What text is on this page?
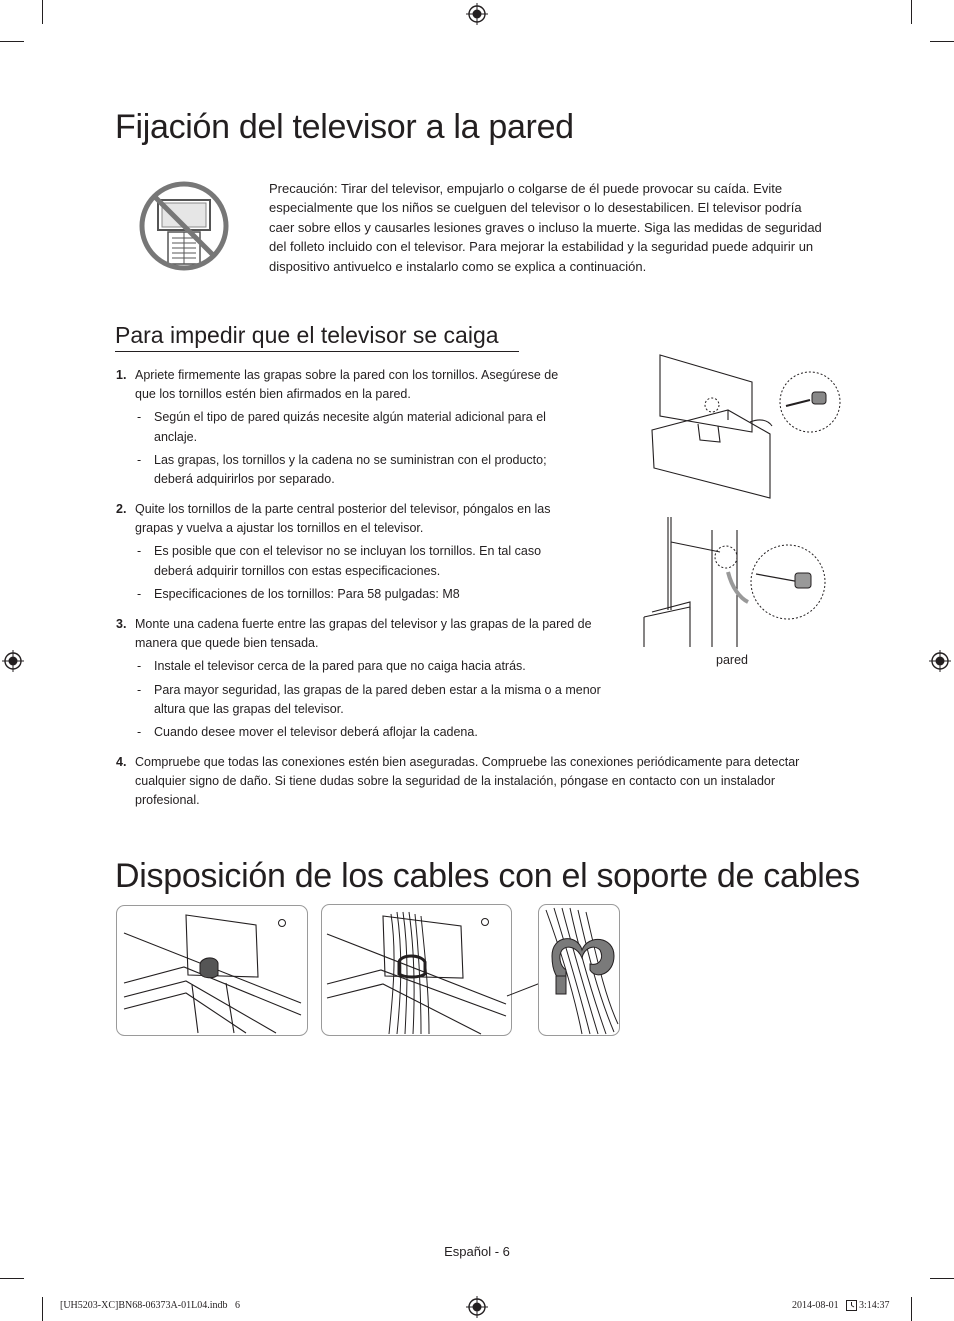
Fijación del televisor a la pared
Precaución: Tirar del televisor, empujarlo o colgarse de él puede provocar su caída. Evite especialmente que los niños se cuelguen del televisor o lo desestabilicen. El televisor podría caer sobre ellos y causarles lesiones graves o incluso la muerte. Siga las medidas de seguridad del folleto incluido con el televisor. Para mejorar la estabilidad y la seguridad puede adquirir un dispositivo antivuelco e instalarlo como se explica a continuación.
Para impedir que el televisor se caiga
1. Apriete firmemente las grapas sobre la pared con los tornillos. Asegúrese de que los tornillos estén bien afirmados en la pared.
- Según el tipo de pared quizás necesite algún material adicional para el anclaje.
- Las grapas, los tornillos y la cadena no se suministran con el producto; deberá adquirirlos por separado.
2. Quite los tornillos de la parte central posterior del televisor, póngalos en las grapas y vuelva a ajustar los tornillos en el televisor.
- Es posible que con el televisor no se incluyan los tornillos. En tal caso deberá adquirir tornillos con estas especificaciones.
- Especificaciones de los tornillos: Para 58 pulgadas: M8
3. Monte una cadena fuerte entre las grapas del televisor y las grapas de la pared de manera que quede bien tensada.
- Instale el televisor cerca de la pared para que no caiga hacia atrás.
- Para mayor seguridad, las grapas de la pared deben estar a la misma o a menor altura que las grapas del televisor.
- Cuando desee mover el televisor deberá aflojar la cadena.
4. Compruebe que todas las conexiones estén bien aseguradas. Compruebe las conexiones periódicamente para detectar cualquier signo de daño. Si tiene dudas sobre la seguridad de la instalación, póngase en contacto con un instalador profesional.
pared
Disposición de los cables con el soporte de cables
Español - 6
[UH5203-XC]BN68-06373A-01L04.indb   6	2014-08-01 3:14:37
